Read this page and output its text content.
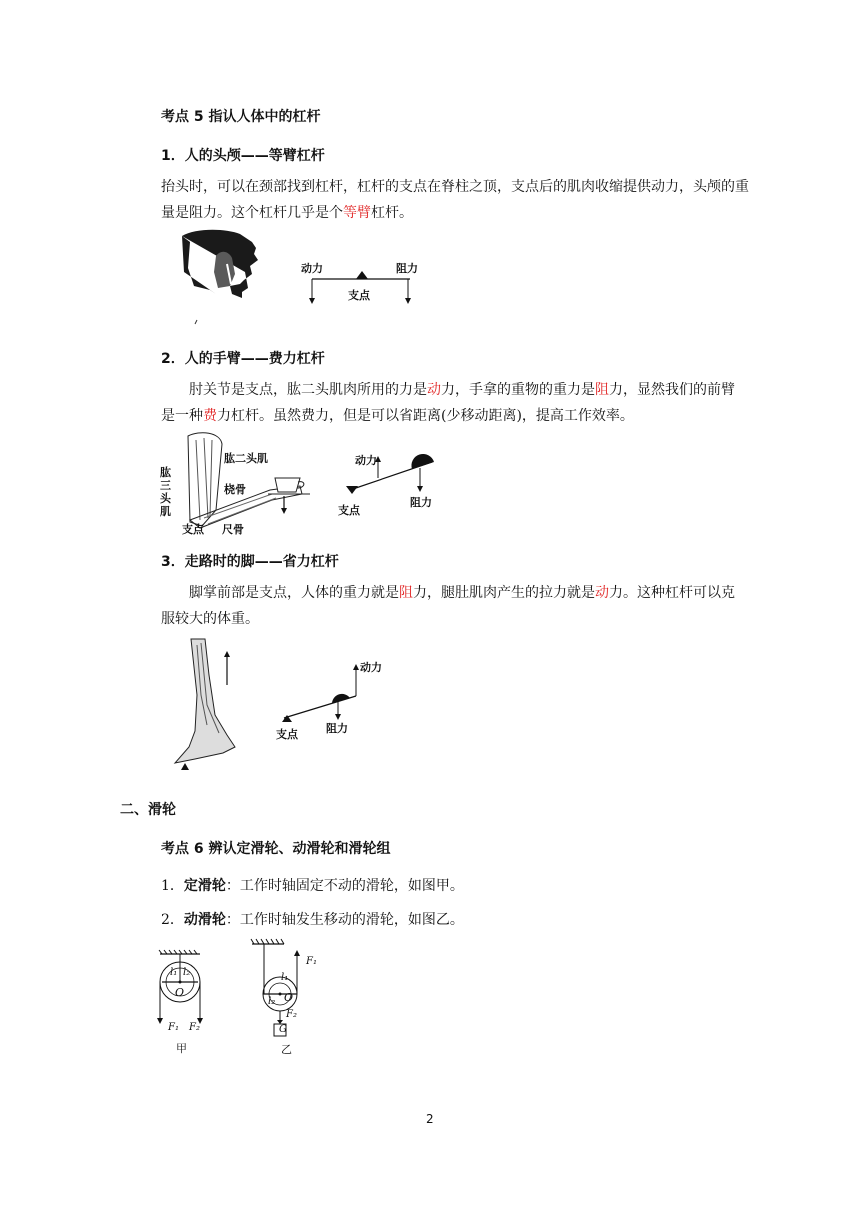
考点 5 指认人体中的杠杆
1．人的头颅——等臂杠杆
抬头时，可以在颈部找到杠杆，杠杆的支点在脊柱之顶，支点后的肌肉收缩提供动力，头颅的重量是阻力。这个杠杆几乎是个等臂杠杆。
动力	阻力
支点
2．人的手臂——费力杠杆
肘关节是支点，肱二头肌肉所用的力是动力，手拿的重物的重力是阻力，显然我们的前臂是一种费力杠杆。虽然费力，但是可以省距离(少移动距离)，提高工作效率。
肱二头肌
肱三头肌
桡骨
支点 尺骨
动力
阻力
支点
3．走路时的脚——省力杠杆
脚掌前部是支点，人体的重力就是阻力，腿肚肌肉产生的拉力就是动力。这种杠杆可以克服较大的体重。
动力
阻力
支点
二、滑轮
考点 6 辨认定滑轮、动滑轮和滑轮组
1．定滑轮：工作时轴固定不动的滑轮，如图甲。
2．动滑轮：工作时轴发生移动的滑轮，如图乙。
l₁ l₂
O
F₁ F₂
甲
l₁
l₂ O
F₁
F₂
G
乙
2
